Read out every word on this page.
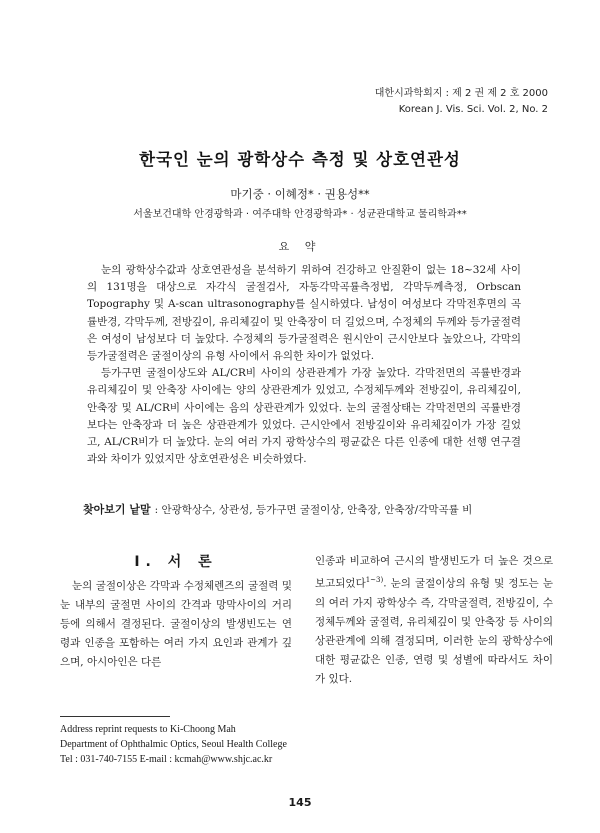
대한시과학회지 : 제 2 권 제 2 호 2000
Korean J. Vis. Sci. Vol. 2, No. 2
한국인 눈의 광학상수 측정 및 상호연관성
마기중 · 이혜정* · 권용성**
서울보건대학 안경광학과 · 여주대학 안경광학과* · 성균관대학교 물리학과**
요 약

눈의 광학상수값과 상호연관성을 분석하기 위하여 건강하고 안질환이 없는 18~32세 사이의 131명을 대상으로 자각식 굴절검사, 자동각막곡률측정법, 각막두께측정, Orbscan Topography 및 A-scan ultrasonography를 실시하였다. 남성이 여성보다 각막전후면의 곡률반경, 각막두께, 전방깊이, 유리체깊이 및 안축장이 더 길었으며, 수정체의 두께와 등가굴절력은 여성이 남성보다 더 높았다. 수정체의 등가굴절력은 원시안이 근시안보다 높았으나, 각막의 등가굴절력은 굴절이상의 유형 사이에서 유의한 차이가 없었다.

등가구면 굴절이상도와 AL/CR비 사이의 상관관계가 가장 높았다. 각막전면의 곡률반경과 유리체깊이 및 안축장 사이에는 양의 상관관계가 있었고, 수정체두께와 전방깊이, 유리체깊이, 안축장 및 AL/CR비 사이에는 음의 상관관계가 있었다. 눈의 굴절상태는 각막전면의 곡률반경보다는 안축장과 더 높은 상관관계가 있었다. 근시안에서 전방깊이와 유리체깊이가 가장 길었고, AL/CR비가 더 높았다. 눈의 여러 가지 광학상수의 평균값은 다른 인종에 대한 선행 연구결과와 차이가 있었지만 상호연관성은 비슷하였다.

찾아보기 낱말 : 안광학상수, 상관성, 등가구면 굴절이상, 안축장, 안축장/각막곡률 비
I. 서 론

눈의 굴절이상은 각막과 수정체렌즈의 굴절력 및 눈 내부의 굴절면 사이의 간격과 망막사이의 거리 등에 의해서 결정된다. 굴절이상의 발생빈도는 연령과 인종을 포함하는 여러 가지 요인과 관계가 깊으며, 아시아인은 다른

인종과 비교하여 근시의 발생빈도가 더 높은 것으로 보고되었다$^{1\sim 3)}$. 눈의 굴절이상의 유형 및 정도는 눈의 여러 가지 광학상수 즉, 각막굴절력, 전방깊이, 수정체두께와 굴절력, 유리체깊이 및 안축장 등 사이의 상관관계에 의해 결정되며, 이러한 눈의 광학상수에 대한 평균값은 인종, 연령 및 성별에 따라서도 차이가 있다.

Address reprint requests to Ki-Choong Mah
Department of Ophthalmic Optics, Seoul Health College
Tel : 031-740-7155 E-mail : kcmah@www.shjc.ac.kr
145
